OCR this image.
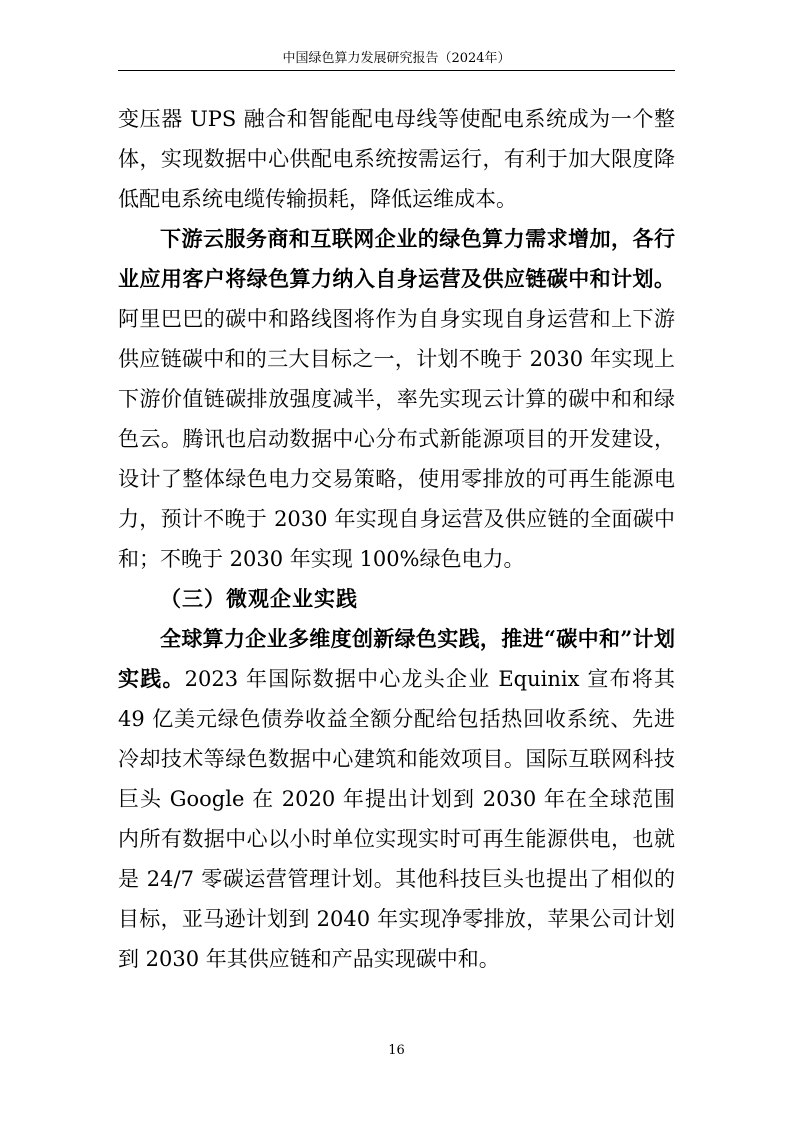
中国绿色算力发展研究报告（2024年）

变压器 UPS 融合和智能配电母线等使配电系统成为一个整体，实现数据中心供配电系统按需运行，有利于加大限度降低配电系统电缆传输损耗，降低运维成本。

下游云服务商和互联网企业的绿色算力需求增加，各行业应用客户将绿色算力纳入自身运营及供应链碳中和计划。阿里巴巴的碳中和路线图将作为自身实现自身运营和上下游供应链碳中和的三大目标之一，计划不晚于 2030 年实现上下游价值链碳排放强度减半，率先实现云计算的碳中和和绿色云。腾讯也启动数据中心分布式新能源项目的开发建设，设计了整体绿色电力交易策略，使用零排放的可再生能源电力，预计不晚于 2030 年实现自身运营及供应链的全面碳中和；不晚于 2030 年实现 100%绿色电力。

（三）微观企业实践

全球算力企业多维度创新绿色实践，推进“碳中和”计划实践。2023 年国际数据中心龙头企业 Equinix 宣布将其 49 亿美元绿色债券收益全额分配给包括热回收系统、先进冷却技术等绿色数据中心建筑和能效项目。国际互联网科技巨头 Google 在 2020 年提出计划到 2030 年在全球范围内所有数据中心以小时单位实现实时可再生能源供电，也就是 24/7 零碳运营管理计划。其他科技巨头也提出了相似的目标，亚马逊计划到 2040 年实现净零排放，苹果公司计划到 2030 年其供应链和产品实现碳中和。

16
